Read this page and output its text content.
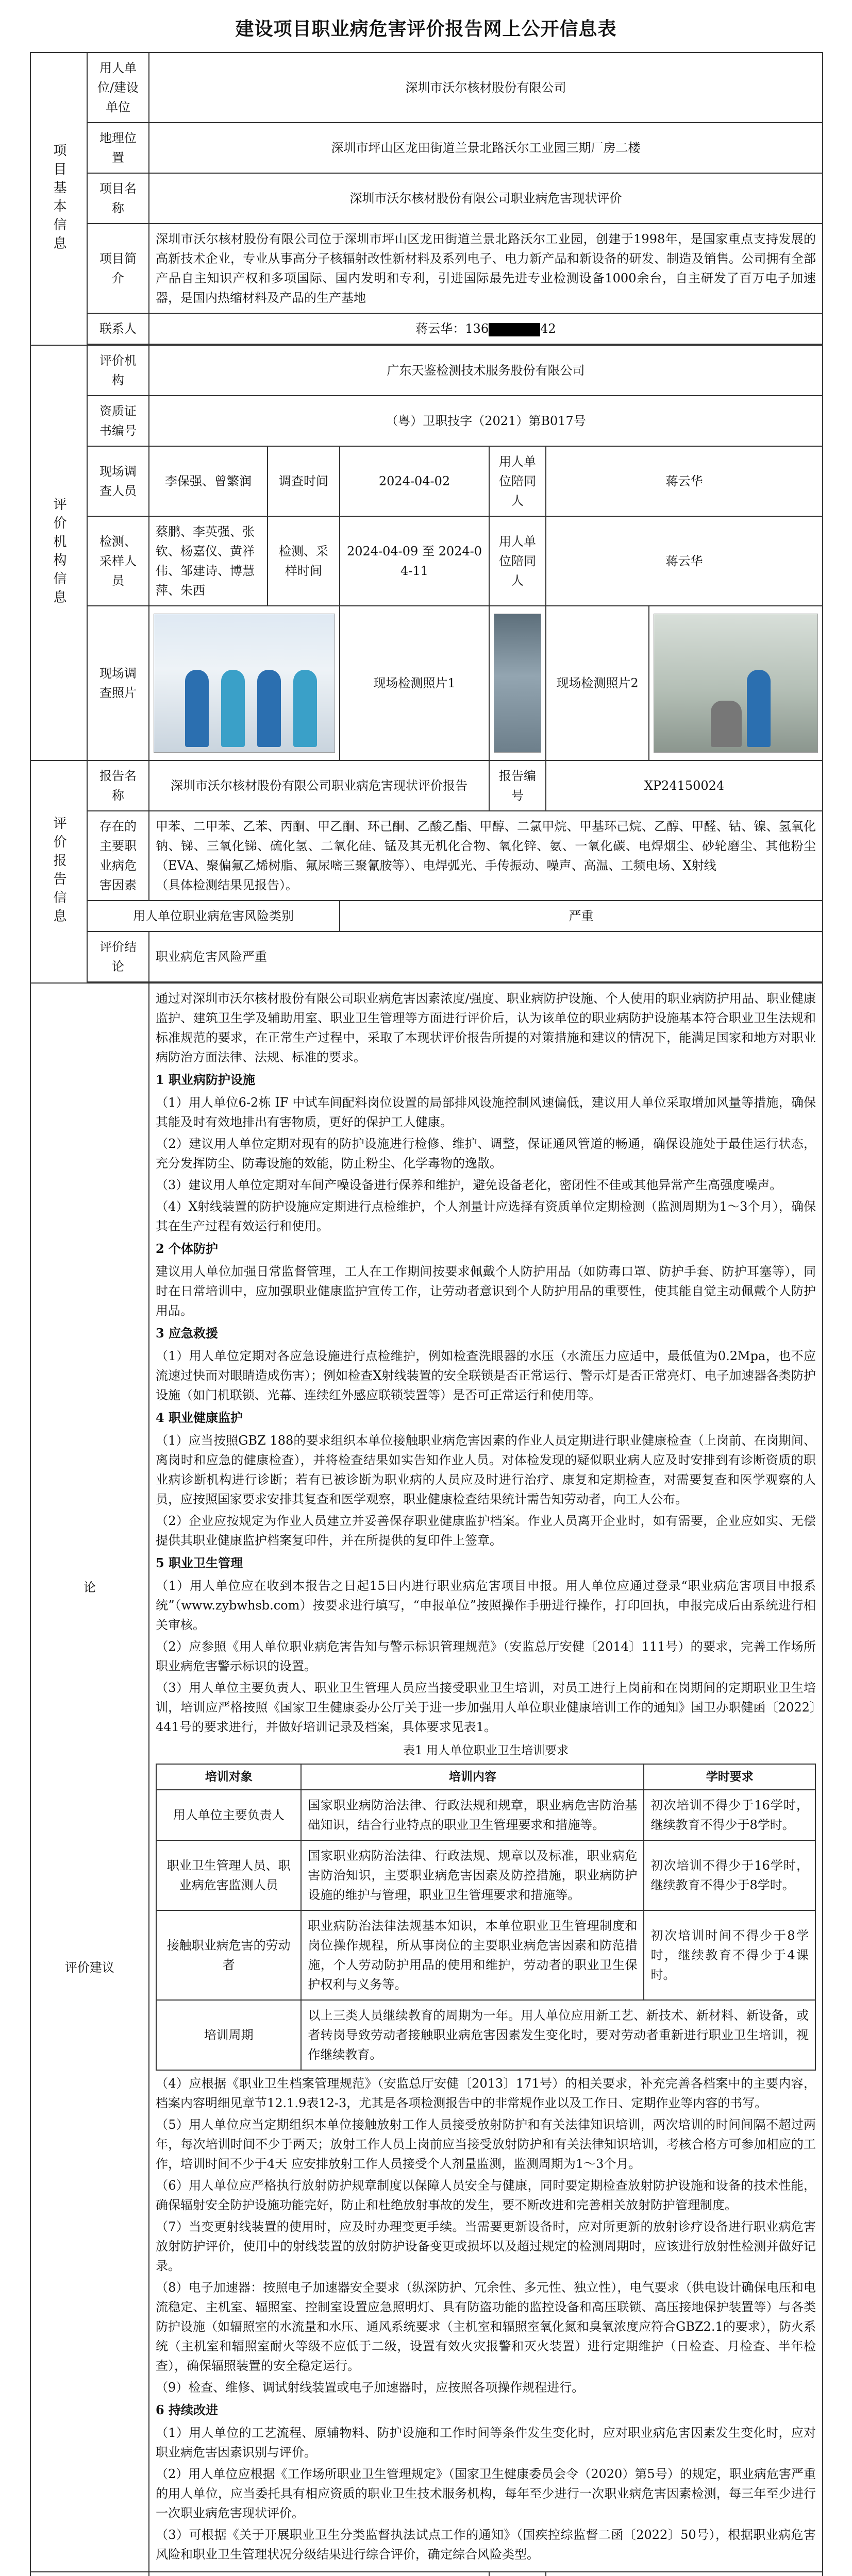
建设项目职业病危害评价报告网上公开信息表
项目基本信息
	用人单位/建设单位	深圳市沃尔核材股份有限公司
地理位置	深圳市坪山区龙田街道兰景北路沃尔工业园三期厂房二楼
项目名称	深圳市沃尔核材股份有限公司职业病危害现状评价
项目简介	深圳市沃尔核材股份有限公司位于深圳市坪山区龙田街道兰景北路沃尔工业园，创建于1998年，是国家重点支持发展的高新技术企业，专业从事高分子核辐射改性新材料及系列电子、电力新产品和新设备的研发、制造及销售。公司拥有全部产品自主知识产权和多项国际、国内发明和专利，引进国际最先进专业检测设备1000余台，自主研发了百万电子加速器，是国内热缩材料及产品的生产基地
联系人	蒋云华：136	42

评价机构信息
	评价机构	广东天鉴检测技术服务股份有限公司
资质证书编号	（粤）卫职技字（2021）第B017号
现场调查人员	李保强、曾繁润	调查时间	2024-04-02	用人单位陪同人	蒋云华
检测、采样人员	蔡鹏、李英强、张钦、杨嘉仪、黄祥伟、邹建诗、博慧萍、朱西	检测、采样时间	2024-04-09 至 2024-04-11	用人单位陪同人	蒋云华
现场调查照片	
	现场检测照片1		现场检测照片2	

评价报告信息
	报告名称	深圳市沃尔核材股份有限公司职业病危害现状评价报告	报告编号	XP24150024
存在的主要职业病危害因素	甲苯、二甲苯、乙苯、丙酮、甲乙酮、环己酮、乙酸乙酯、甲醇、二氯甲烷、甲基环己烷、乙醇、甲醛、钴、镍、氢氧化钠、锑、三氧化锑、硫化氢、二氧化硅、锰及其无机化合物、氧化锌、氨、一氧化碳、电焊烟尘、砂轮磨尘、其他粉尘（EVA、聚偏氟乙烯树脂、氟尿嘧三聚氰胺等）、电焊弧光、手传振动、噪声、高温、工频电场、X射线
（具体检测结果见报告）。
用人单位职业病危害风险类别	严重
评价结论	职业病危害风险严重

论
评价建议

通过对深圳市沃尔核材股份有限公司职业病危害因素浓度/强度、职业病防护设施、个人使用的职业病防护用品、职业健康监护、建筑卫生学及辅助用室、职业卫生管理等方面进行评价后，认为该单位的职业病防护设施基本符合职业卫生法规和标准规范的要求，在正常生产过程中，采取了本现状评价报告所提的对策措施和建议的情况下，能满足国家和地方对职业病防治方面法律、法规、标准的要求。

1 职业病防护设施

（1）用人单位6-2栋 IF 中试车间配料岗位设置的局部排风设施控制风速偏低，建议用人单位采取增加风量等措施，确保其能及时有效地排出有害物质，更好的保护工人健康。

（2）建议用人单位定期对现有的防护设施进行检修、维护、调整，保证通风管道的畅通，确保设施处于最佳运行状态，充分发挥防尘、防毒设施的效能，防止粉尘、化学毒物的逸散。

（3）建议用人单位定期对车间产噪设备进行保养和维护，避免设备老化，密闭性不佳或其他异常产生高强度噪声。

（4）X射线装置的防护设施应定期进行点检维护，个人剂量计应选择有资质单位定期检测（监测周期为1～3个月），确保其在生产过程有效运行和使用。

2 个体防护

建议用人单位加强日常监督管理，工人在工作期间按要求佩戴个人防护用品（如防毒口罩、防护手套、防护耳塞等），同时在日常培训中，应加强职业健康监护宣传工作，让劳动者意识到个人防护用品的重要性，使其能自觉主动佩戴个人防护用品。

3 应急救援

（1）用人单位定期对各应急设施进行点检维护，例如检查洗眼器的水压（水流压力应适中，最低值为0.2Mpa，也不应流速过快而对眼睛造成伤害）；例如检查X射线装置的安全联锁是否正常运行、警示灯是否正常亮灯、电子加速器各类防护设施（如门机联锁、光幕、连续红外感应联锁装置等）是否可正常运行和使用等。

4 职业健康监护

（1）应当按照GBZ 188的要求组织本单位接触职业病危害因素的作业人员定期进行职业健康检查（上岗前、在岗期间、离岗时和应急的健康检查），并将检查结果如实告知作业人员。对体检发现的疑似职业病人应及时安排到有诊断资质的职业病诊断机构进行诊断；若有已被诊断为职业病的人员应及时进行治疗、康复和定期检查，对需要复查和医学观察的人员，应按照国家要求安排其复查和医学观察，职业健康检查结果统计需告知劳动者，向工人公布。

（2）企业应按规定为作业人员建立并妥善保存职业健康监护档案。作业人员离开企业时，如有需要，企业应如实、无偿提供其职业健康监护档案复印件，并在所提供的复印件上签章。

5 职业卫生管理

（1）用人单位应在收到本报告之日起15日内进行职业病危害项目申报。用人单位应通过登录“职业病危害项目申报系统”（www.zybwhsb.com）按要求进行填写，“申报单位”按照操作手册进行操作，打印回执，申报完成后由系统进行相关审核。

（2）应参照《用人单位职业病危害告知与警示标识管理规范》（安监总厅安健〔2014〕111号）的要求，完善工作场所职业病危害警示标识的设置。

（3）用人单位主要负责人、职业卫生管理人员应当接受职业卫生培训，对员工进行上岗前和在岗期间的定期职业卫生培训，培训应严格按照《国家卫生健康委办公厅关于进一步加强用人单位职业健康培训工作的通知》国卫办职健函〔2022〕441号的要求进行，并做好培训记录及档案，具体要求见表1。

表1 用人单位职业卫生培训要求
培训对象	培训内容	学时要求
用人单位主要负责人	国家职业病防治法律、行政法规和规章，职业病危害防治基础知识，结合行业特点的职业卫生管理要求和措施等。	初次培训不得少于16学时，继续教育不得少于8学时。
职业卫生管理人员、职业病危害监测人员	国家职业病防治法律、行政法规、规章以及标准，职业病危害防治知识，主要职业病危害因素及防控措施，职业病防护设施的维护与管理，职业卫生管理要求和措施等。	初次培训不得少于16学时，继续教育不得少于8学时。
接触职业病危害的劳动者	职业病防治法律法规基本知识，本单位职业卫生管理制度和岗位操作规程，所从事岗位的主要职业病危害因素和防范措施，个人劳动防护用品的使用和维护，劳动者的职业卫生保护权利与义务等。	初次培训时间不得少于8学时，继续教育不得少于4课时。
培训周期	以上三类人员继续教育的周期为一年。用人单位应用新工艺、新技术、新材料、新设备，或者转岗导致劳动者接触职业病危害因素发生变化时，要对劳动者重新进行职业卫生培训，视作继续教育。

（4）应根据《职业卫生档案管理规范》（安监总厅安健〔2013〕171号）的相关要求，补充完善各档案中的主要内容，档案内容明细见章节12.1.9表12-3，尤其是各项检测报告中的非常规作业以及工作日、定期作业等内容的书写。

（5）用人单位应当定期组织本单位接触放射工作人员接受放射防护和有关法律知识培训，两次培训的时间间隔不超过两年，每次培训时间不少于两天；放射工作人员上岗前应当接受放射防护和有关法律知识培训，考核合格方可参加相应的工作，培训时间不少于4天 应安排放射工作人员接受个人剂量监测，监测周期为1～3个月。

（6）用人单位应严格执行放射防护规章制度以保障人员安全与健康，同时要定期检查放射防护设施和设备的技术性能，确保辐射安全防护设施功能完好，防止和杜绝放射事故的发生，要不断改进和完善相关放射防护管理制度。

（7）当变更射线装置的使用时，应及时办理变更手续。当需要更新设备时，应对所更新的放射诊疗设备进行职业病危害放射防护评价，使用中的射线装置的放射防护设备变更或损坏以及超过规定的检测周期时，应该进行放射性检测并做好记录。

（8）电子加速器：按照电子加速器安全要求（纵深防护、冗余性、多元性、独立性），电气要求（供电设计确保电压和电流稳定、主机室、辐照室、控制室设置应急照明灯、具有防盗功能的监控设备和高压联锁、高压接地保护装置等）与各类防护设施（如辐照室的水流量和水压、通风系统要求（主机室和辐照室氧化氮和臭氧浓度应符合GBZ2.1的要求），防火系统（主机室和辐照室耐火等级不应低于二级，设置有效火灾报警和灭火装置）进行定期维护（日检查、月检查、半年检查），确保辐照装置的安全稳定运行。

（9）检查、维修、调试射线装置或电子加速器时，应按照各项操作规程进行。

6 持续改进

（1）用人单位的工艺流程、原辅物料、防护设施和工作时间等条件发生变化时，应对职业病危害因素发生变化时，应对职业病危害因素识别与评价。

（2）用人单位应根据《工作场所职业卫生管理规定》（国家卫生健康委员会令（2020）第5号）的规定，职业病危害严重的用人单位，应当委托具有相应资质的职业卫生技术服务机构，每年至少进行一次职业病危害因素检测，每三年至少进行一次职业病危害现状评价。

（3）可根据《关于开展职业卫生分类监督执法试点工作的通知》（国疾控综监督二函〔2022〕50号），根据职业病危害风险和职业卫生管理状况分级结果进行综合评价，确定综合风险类型。
